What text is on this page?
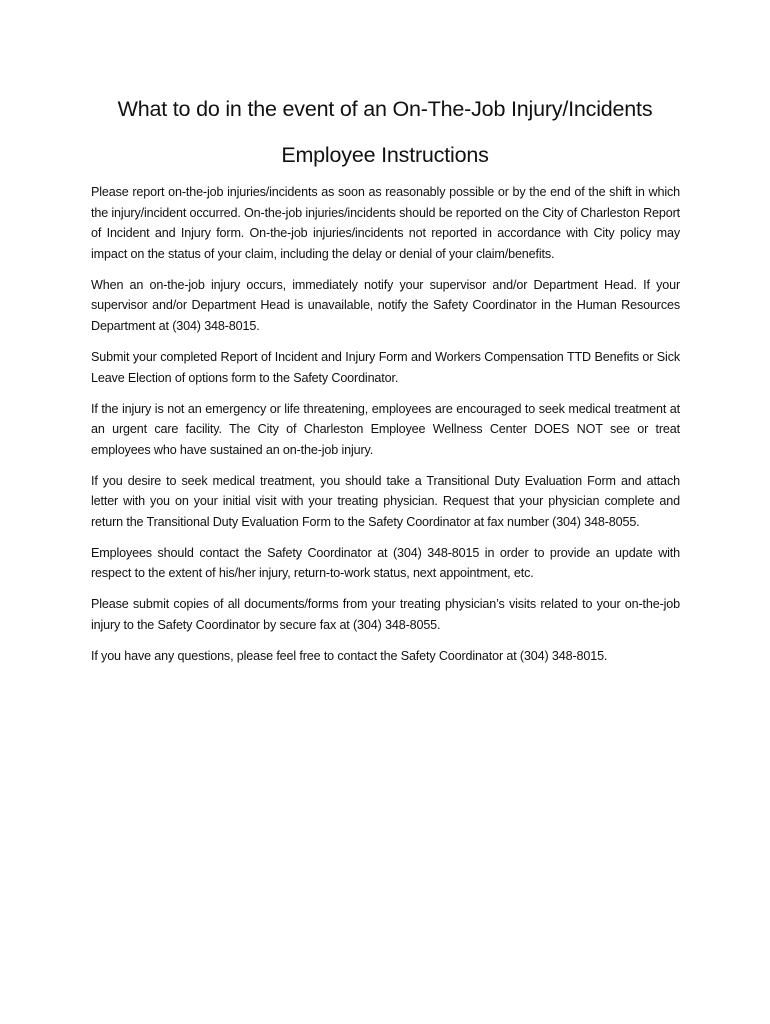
What to do in the event of an On-The-Job Injury/Incidents
Employee Instructions

Please report on-the-job injuries/incidents as soon as reasonably possible or by the end of the shift in which the injury/incident occurred. On-the-job injuries/incidents should be reported on the City of Charleston Report of Incident and Injury form. On-the-job injuries/incidents not reported in accordance with City policy may impact on the status of your claim, including the delay or denial of your claim/benefits.

When an on-the-job injury occurs, immediately notify your supervisor and/or Department Head. If your supervisor and/or Department Head is unavailable, notify the Safety Coordinator in the Human Resources Department at (304) 348-8015.

Submit your completed Report of Incident and Injury Form and Workers Compensation TTD Benefits or Sick Leave Election of options form to the Safety Coordinator.

If the injury is not an emergency or life threatening, employees are encouraged to seek medical treatment at an urgent care facility. The City of Charleston Employee Wellness Center DOES NOT see or treat employees who have sustained an on-the-job injury.

If you desire to seek medical treatment, you should take a Transitional Duty Evaluation Form and attach letter with you on your initial visit with your treating physician. Request that your physician complete and return the Transitional Duty Evaluation Form to the Safety Coordinator at fax number (304) 348-8055.

Employees should contact the Safety Coordinator at (304) 348-8015 in order to provide an update with respect to the extent of his/her injury, return-to-work status, next appointment, etc.

Please submit copies of all documents/forms from your treating physician’s visits related to your on-the-job injury to the Safety Coordinator by secure fax at (304) 348-8055.

If you have any questions, please feel free to contact the Safety Coordinator at (304) 348-8015.
